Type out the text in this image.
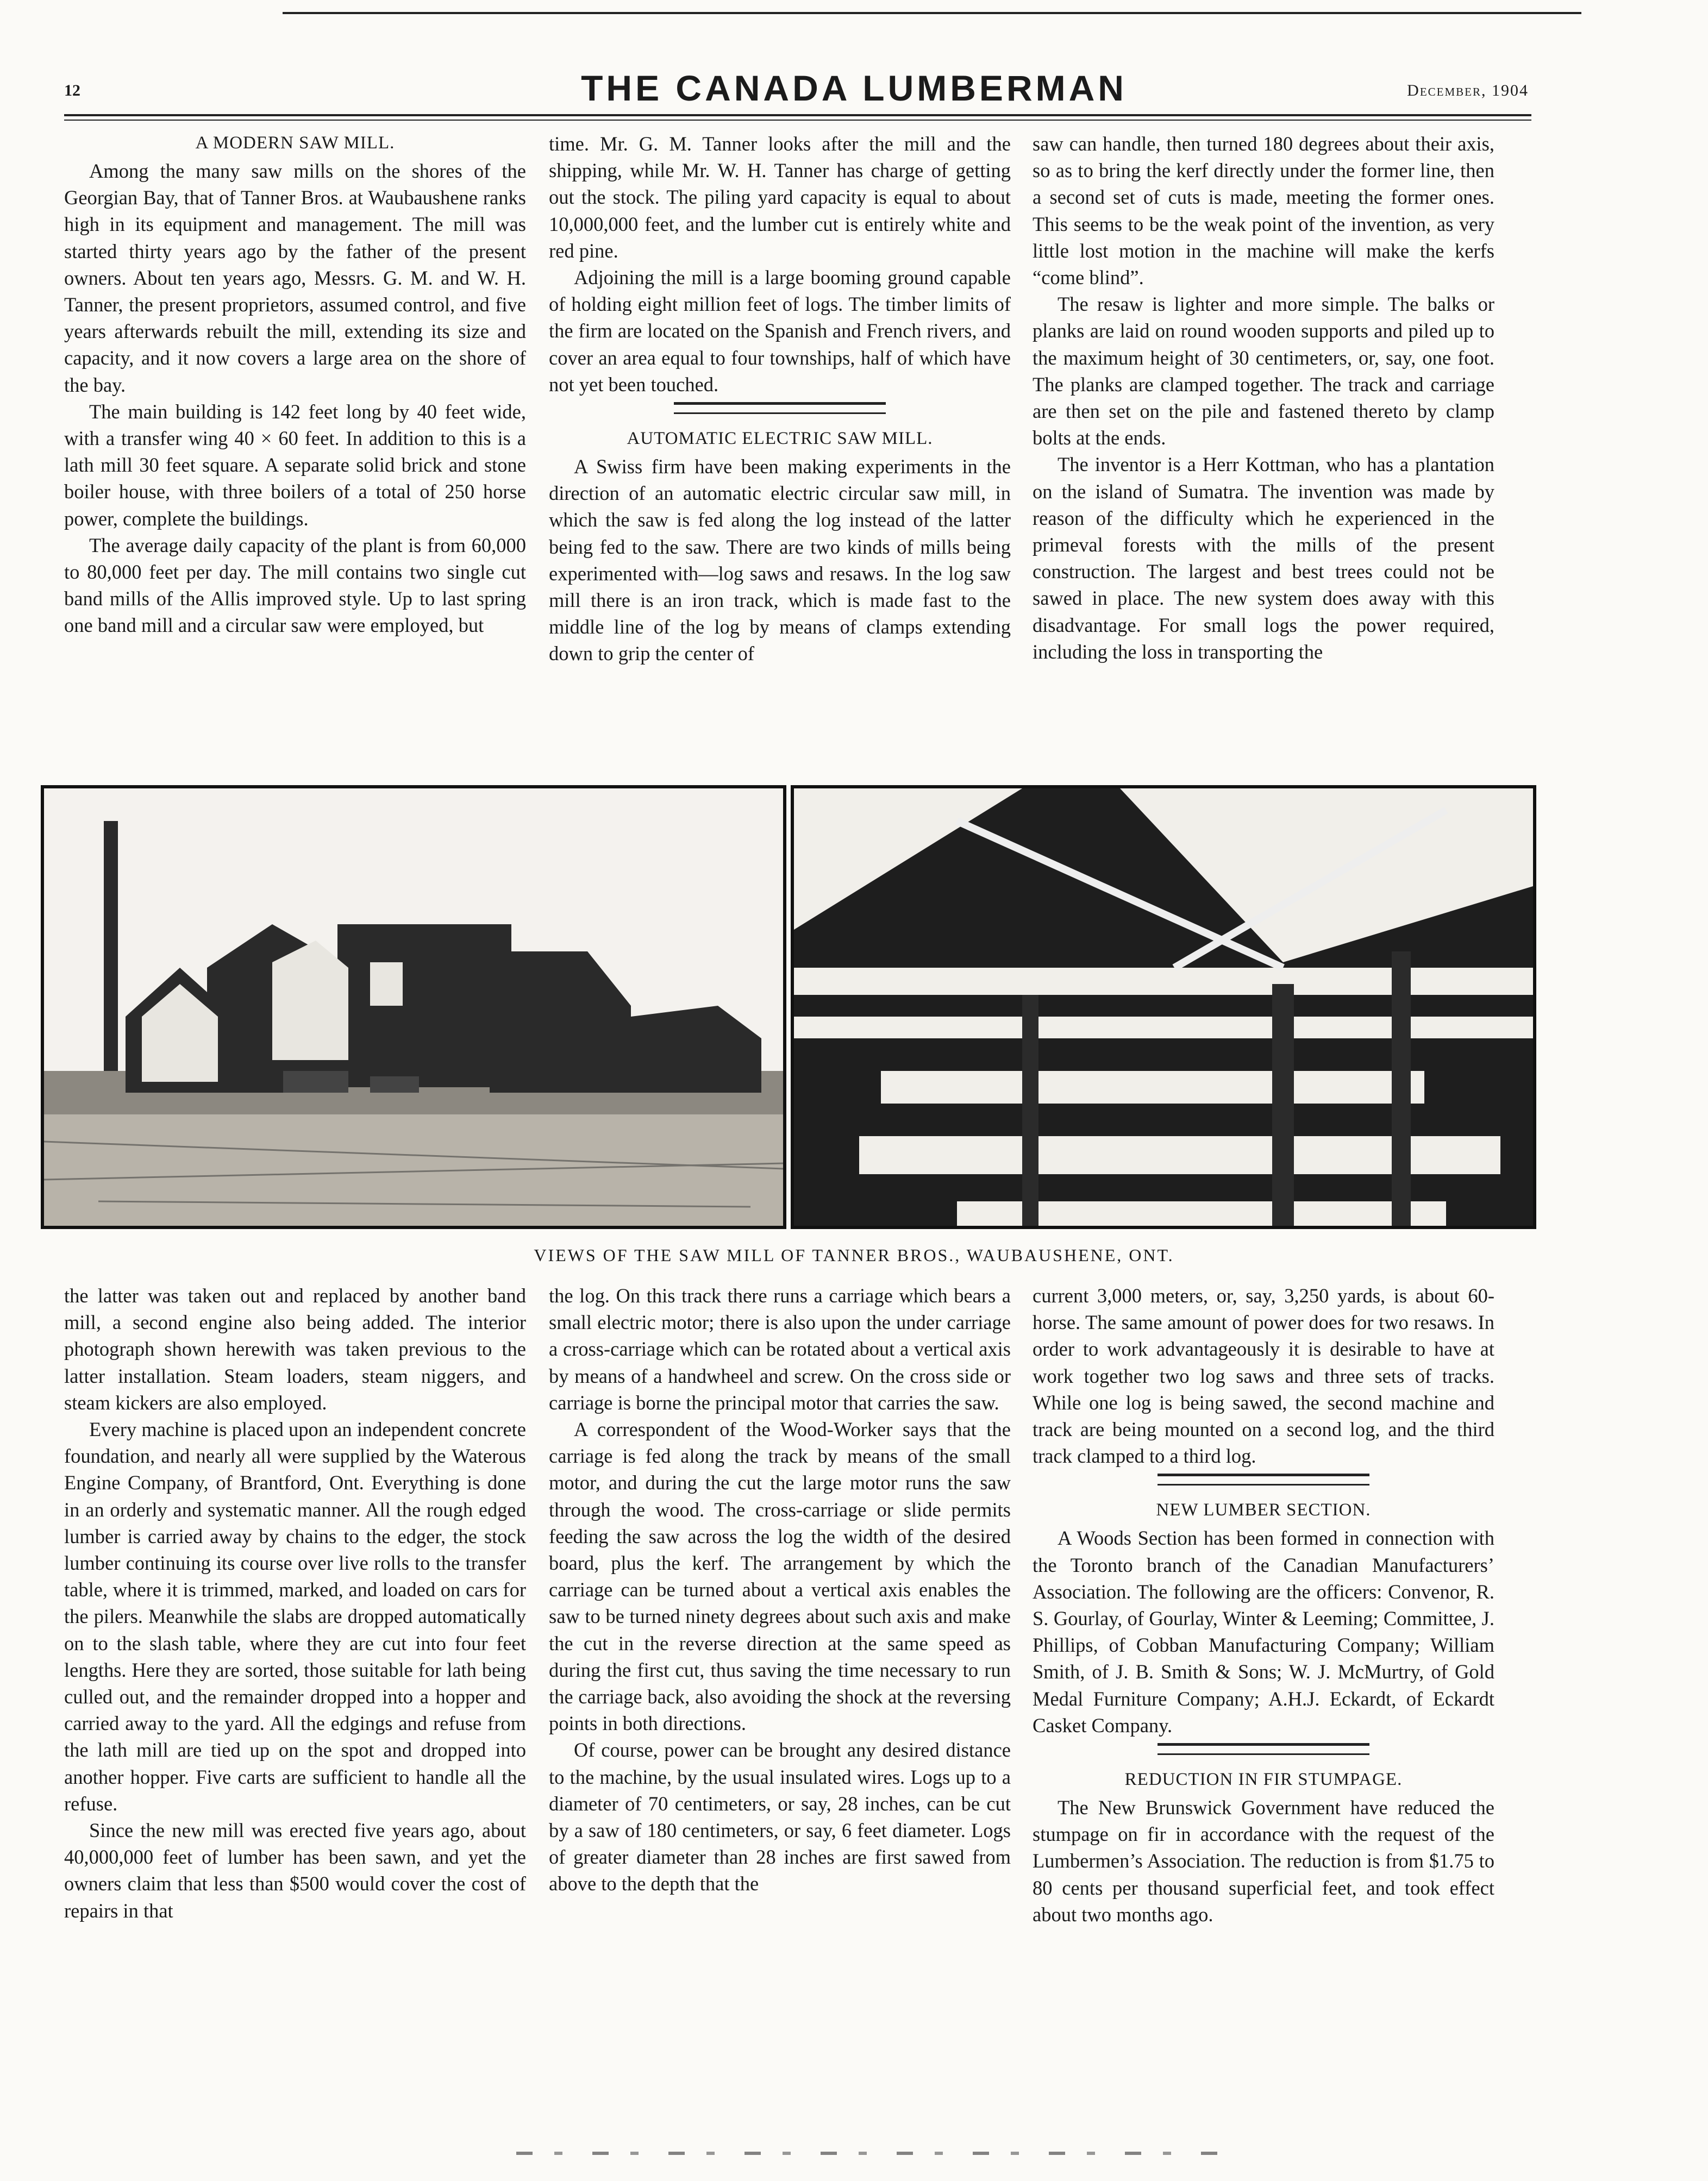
12	THE CANADA LUMBERMAN	December, 1904
A MODERN SAW MILL.

Among the many saw mills on the shores of the Georgian Bay, that of Tanner Bros. at Waubaushene ranks high in its equipment and management. The mill was started thirty years ago by the father of the present owners. About ten years ago, Messrs. G. M. and W. H. Tanner, the present proprietors, assumed control, and five years afterwards rebuilt the mill, extending its size and capacity, and it now covers a large area on the shore of the bay.

The main building is 142 feet long by 40 feet wide, with a transfer wing 40 × 60 feet. In addition to this is a lath mill 30 feet square. A separate solid brick and stone boiler house, with three boilers of a total of 250 horse power, complete the buildings.

The average daily capacity of the plant is from 60,000 to 80,000 feet per day. The mill contains two single cut band mills of the Allis improved style. Up to last spring one band mill and a circular saw were employed, but

time. Mr. G. M. Tanner looks after the mill and the shipping, while Mr. W. H. Tanner has charge of getting out the stock. The piling yard capacity is equal to about 10,000,000 feet, and the lumber cut is entirely white and red pine.

Adjoining the mill is a large booming ground capable of holding eight million feet of logs. The timber limits of the firm are located on the Spanish and French rivers, and cover an area equal to four townships, half of which have not yet been touched.

AUTOMATIC ELECTRIC SAW MILL.

A Swiss firm have been making experiments in the direction of an automatic electric circular saw mill, in which the saw is fed along the log instead of the latter being fed to the saw. There are two kinds of mills being experimented with—log saws and resaws. In the log saw mill there is an iron track, which is made fast to the middle line of the log by means of clamps extending down to grip the center of

saw can handle, then turned 180 degrees about their axis, so as to bring the kerf directly under the former line, then a second set of cuts is made, meeting the former ones. This seems to be the weak point of the invention, as very little lost motion in the machine will make the kerfs “come blind”.

The resaw is lighter and more simple. The balks or planks are laid on round wooden supports and piled up to the maximum height of 30 centimeters, or, say, one foot. The planks are clamped together. The track and carriage are then set on the pile and fastened thereto by clamp bolts at the ends.

The inventor is a Herr Kottman, who has a plantation on the island of Sumatra. The invention was made by reason of the difficulty which he experienced in the primeval forests with the mills of the present construction. The largest and best trees could not be sawed in place. The new system does away with this disadvantage. For small logs the power required, including the loss in transporting the

VIEWS OF THE SAW MILL OF TANNER BROS., WAUBAUSHENE, ONT.

the latter was taken out and replaced by another band mill, a second engine also being added. The interior photograph shown herewith was taken previous to the latter installation. Steam loaders, steam niggers, and steam kickers are also employed.

Every machine is placed upon an independent concrete foundation, and nearly all were supplied by the Waterous Engine Company, of Brantford, Ont. Everything is done in an orderly and systematic manner. All the rough edged lumber is carried away by chains to the edger, the stock lumber continuing its course over live rolls to the transfer table, where it is trimmed, marked, and loaded on cars for the pilers. Meanwhile the slabs are dropped automatically on to the slash table, where they are cut into four feet lengths. Here they are sorted, those suitable for lath being culled out, and the remainder dropped into a hopper and carried away to the yard. All the edgings and refuse from the lath mill are tied up on the spot and dropped into another hopper. Five carts are sufficient to handle all the refuse.

Since the new mill was erected five years ago, about 40,000,000 feet of lumber has been sawn, and yet the owners claim that less than $500 would cover the cost of repairs in that

the log. On this track there runs a carriage which bears a small electric motor; there is also upon the under carriage a cross-carriage which can be rotated about a vertical axis by means of a handwheel and screw. On the cross side or carriage is borne the principal motor that carries the saw.

A correspondent of the Wood-Worker says that the carriage is fed along the track by means of the small motor, and during the cut the large motor runs the saw through the wood. The cross-carriage or slide permits feeding the saw across the log the width of the desired board, plus the kerf. The arrangement by which the carriage can be turned about a vertical axis enables the saw to be turned ninety degrees about such axis and make the cut in the reverse direction at the same speed as during the first cut, thus saving the time necessary to run the carriage back, also avoiding the shock at the reversing points in both directions.

Of course, power can be brought any desired distance to the machine, by the usual insulated wires. Logs up to a diameter of 70 centimeters, or say, 28 inches, can be cut by a saw of 180 centimeters, or say, 6 feet diameter. Logs of greater diameter than 28 inches are first sawed from above to the depth that the

current 3,000 meters, or, say, 3,250 yards, is about 60-horse. The same amount of power does for two resaws. In order to work advantageously it is desirable to have at work together two log saws and three sets of tracks. While one log is being sawed, the second machine and track are being mounted on a second log, and the third track clamped to a third log.

NEW LUMBER SECTION.

A Woods Section has been formed in connection with the Toronto branch of the Canadian Manufacturers’ Association. The following are the officers: Convenor, R. S. Gourlay, of Gourlay, Winter & Leeming; Committee, J. Phillips, of Cobban Manufacturing Company; William Smith, of J. B. Smith & Sons; W. J. McMurtry, of Gold Medal Furniture Company; A.H.J. Eckardt, of Eckardt Casket Company.

REDUCTION IN FIR STUMPAGE.

The New Brunswick Government have reduced the stumpage on fir in accordance with the request of the Lumbermen’s Association. The reduction is from $1.75 to 80 cents per thousand superficial feet, and took effect about two months ago.
